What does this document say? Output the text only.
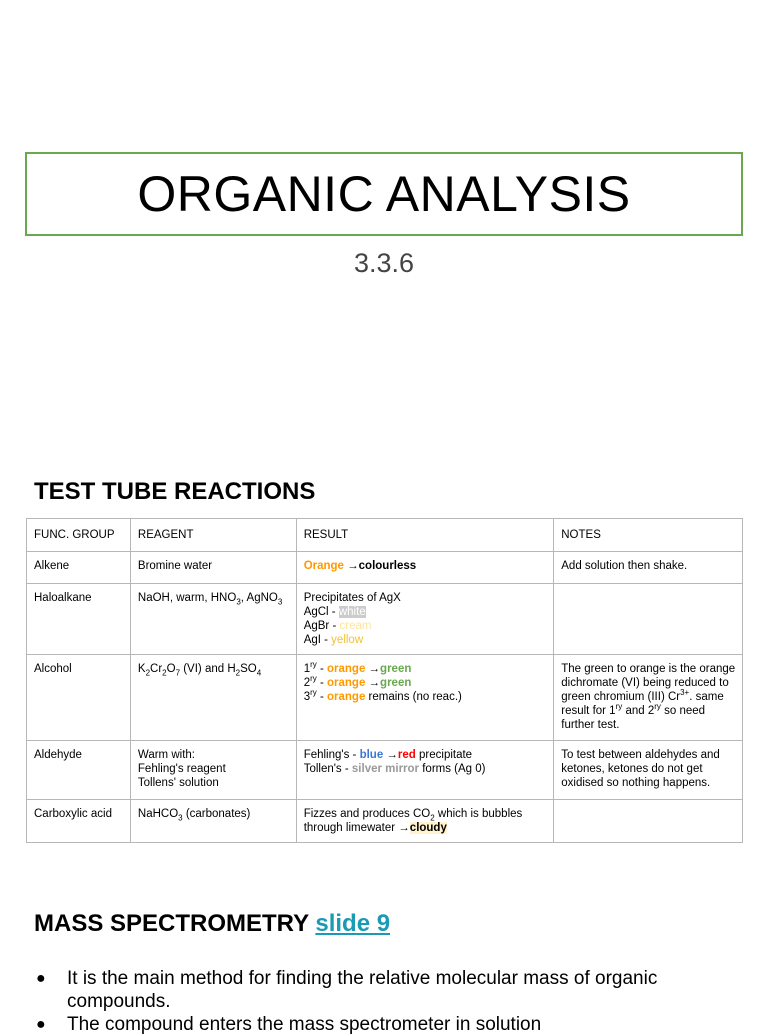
ORGANIC ANALYSIS
3.3.6
TEST TUBE REACTIONS
FUNC. GROUP	REAGENT	RESULT	NOTES
Alkene	Bromine water	Orange →colourless	Add solution then shake.
Haloalkane	NaOH, warm, $HNO_3$, AgNO$_3$	Precipitates of AgX
AgCl - white
AgBr - cream
AgI - yellow	

Alcohol	$K_2Cr_2O_7$ (VI) and $H_2SO_4$	$1^{ry}$ - orange →green
$2^{ry}$ - orange →green
$3^{ry}$ - orange remains (no reac.)	The green to orange is the orange dichromate (VI) being reduced to green chromium (III) $Cr^{3+}$. same result for $1^{ry}$ and $2^{ry}$ so need further test.
Aldehyde	Warm with:
Fehling's reagent
Tollens' solution	Fehling's - blue →red precipitate
Tollen's - silver mirror forms (Ag 0)	To test between aldehydes and ketones, ketones do not get oxidised so nothing happens.
Carboxylic acid	NaHCO$_3$ (carbonates)	Fizzes and produces $CO_2$ which is bubbles through limewater →cloudy	
MASS SPECTROMETRY slide 9
● It is the main method for finding the relative molecular mass of organic compounds.
● The compound enters the mass spectrometer in solution
